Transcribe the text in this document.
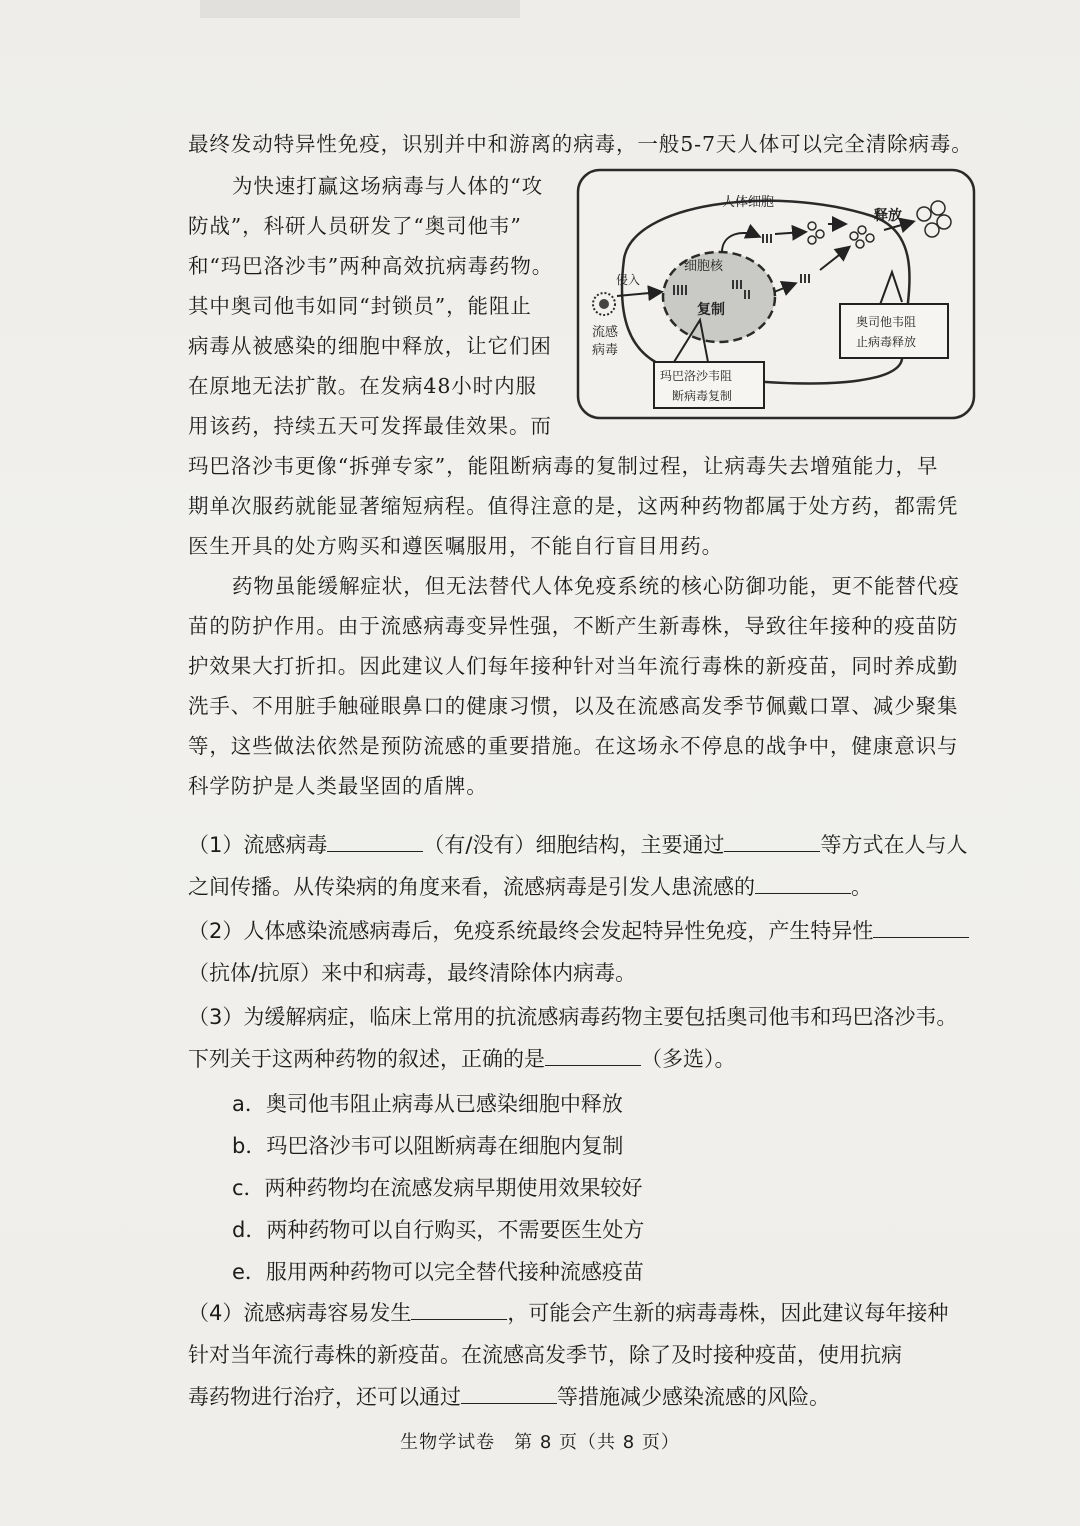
最终发动特异性免疫，识别并中和游离的病毒，一般5-7天人体可以完全清除病毒。

为快速打赢这场病毒与人体的“攻

防战”，科研人员研发了“奥司他韦”

和“玛巴洛沙韦”两种高效抗病毒药物。

其中奥司他韦如同“封锁员”，能阻止

病毒从被感染的细胞中释放，让它们困

在原地无法扩散。在发病48小时内服

用该药，持续五天可发挥最佳效果。而

玛巴洛沙韦更像“拆弹专家”，能阻断病毒的复制过程，让病毒失去增殖能力，早

期单次服药就能显著缩短病程。值得注意的是，这两种药物都属于处方药，都需凭

医生开具的处方购买和遵医嘱服用，不能自行盲目用药。

药物虽能缓解症状，但无法替代人体免疫系统的核心防御功能，更不能替代疫

苗的防护作用。由于流感病毒变异性强，不断产生新毒株，导致往年接种的疫苗防

护效果大打折扣。因此建议人们每年接种针对当年流行毒株的新疫苗，同时养成勤

洗手、不用脏手触碰眼鼻口的健康习惯，以及在流感高发季节佩戴口罩、减少聚集

等，这些做法依然是预防流感的重要措施。在这场永不停息的战争中，健康意识与

科学防护是人类最坚固的盾牌。

人体细胞
细胞核
复制
侵入
流感
病毒
释放
奥司他韦阻
止病毒释放
玛巴洛沙韦阻
断病毒复制

（1）流感病毒	（有/没有）细胞结构，主要通过	等方式在人与人

之间传播。从传染病的角度来看，流感病毒是引发人患流感的	。

（2）人体感染流感病毒后，免疫系统最终会发起特异性免疫，产生特异性

（抗体/抗原）来中和病毒，最终清除体内病毒。

（3）为缓解病症，临床上常用的抗流感病毒药物主要包括奥司他韦和玛巴洛沙韦。

下列关于这两种药物的叙述，正确的是	（多选）。

a．奥司他韦阻止病毒从已感染细胞中释放

b．玛巴洛沙韦可以阻断病毒在细胞内复制

c．两种药物均在流感发病早期使用效果较好

d．两种药物可以自行购买，不需要医生处方

e．服用两种药物可以完全替代接种流感疫苗

（4）流感病毒容易发生	，可能会产生新的病毒毒株，因此建议每年接种

针对当年流行毒株的新疫苗。在流感高发季节，除了及时接种疫苗，使用抗病

毒药物进行治疗，还可以通过	等措施减少感染流感的风险。

生物学试卷　第 8 页（共 8 页）
